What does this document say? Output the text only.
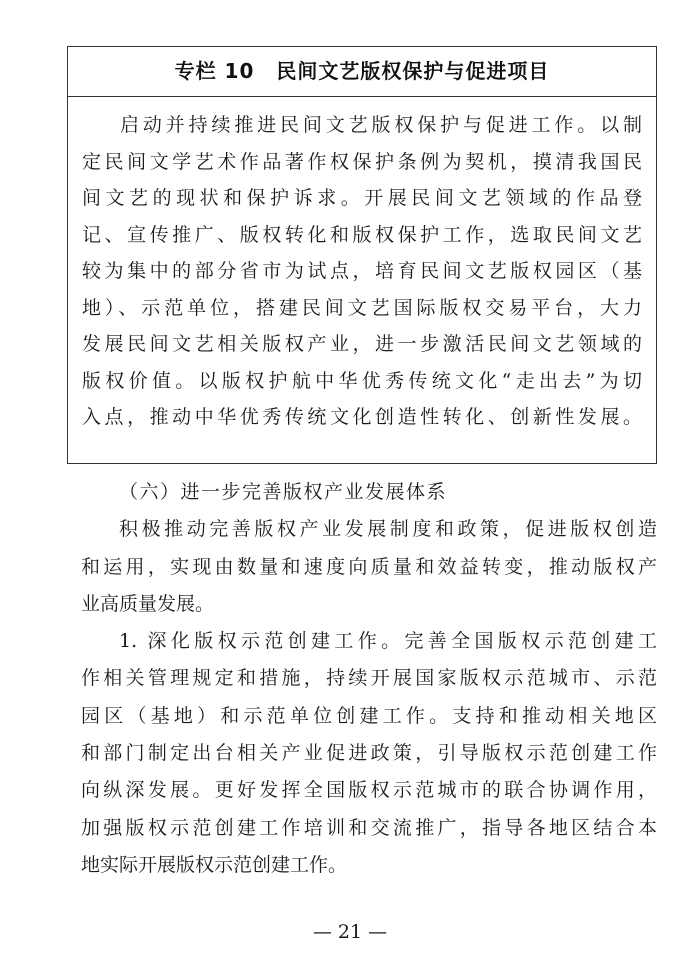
专栏 10 民间文艺版权保护与促进项目
启动并持续推进民间文艺版权保护与促进工作。以制
定民间文学艺术作品著作权保护条例为契机，摸清我国民
间文艺的现状和保护诉求。开展民间文艺领域的作品登
记、宣传推广、版权转化和版权保护工作，选取民间文艺
较为集中的部分省市为试点，培育民间文艺版权园区（基
地）、示范单位，搭建民间文艺国际版权交易平台，大力
发展民间文艺相关版权产业，进一步激活民间文艺领域的
版权价值。以版权护航中华优秀传统文化“走出去”为切
入点，推动中华优秀传统文化创造性转化、创新性发展。
（六）进一步完善版权产业发展体系
积极推动完善版权产业发展制度和政策，促进版权创造
和运用，实现由数量和速度向质量和效益转变，推动版权产
业高质量发展。
1. 深化版权示范创建工作。完善全国版权示范创建工
作相关管理规定和措施，持续开展国家版权示范城市、示范
园区（基地）和示范单位创建工作。支持和推动相关地区
和部门制定出台相关产业促进政策，引导版权示范创建工作
向纵深发展。更好发挥全国版权示范城市的联合协调作用，
加强版权示范创建工作培训和交流推广，指导各地区结合本
地实际开展版权示范创建工作。
— 21 —
